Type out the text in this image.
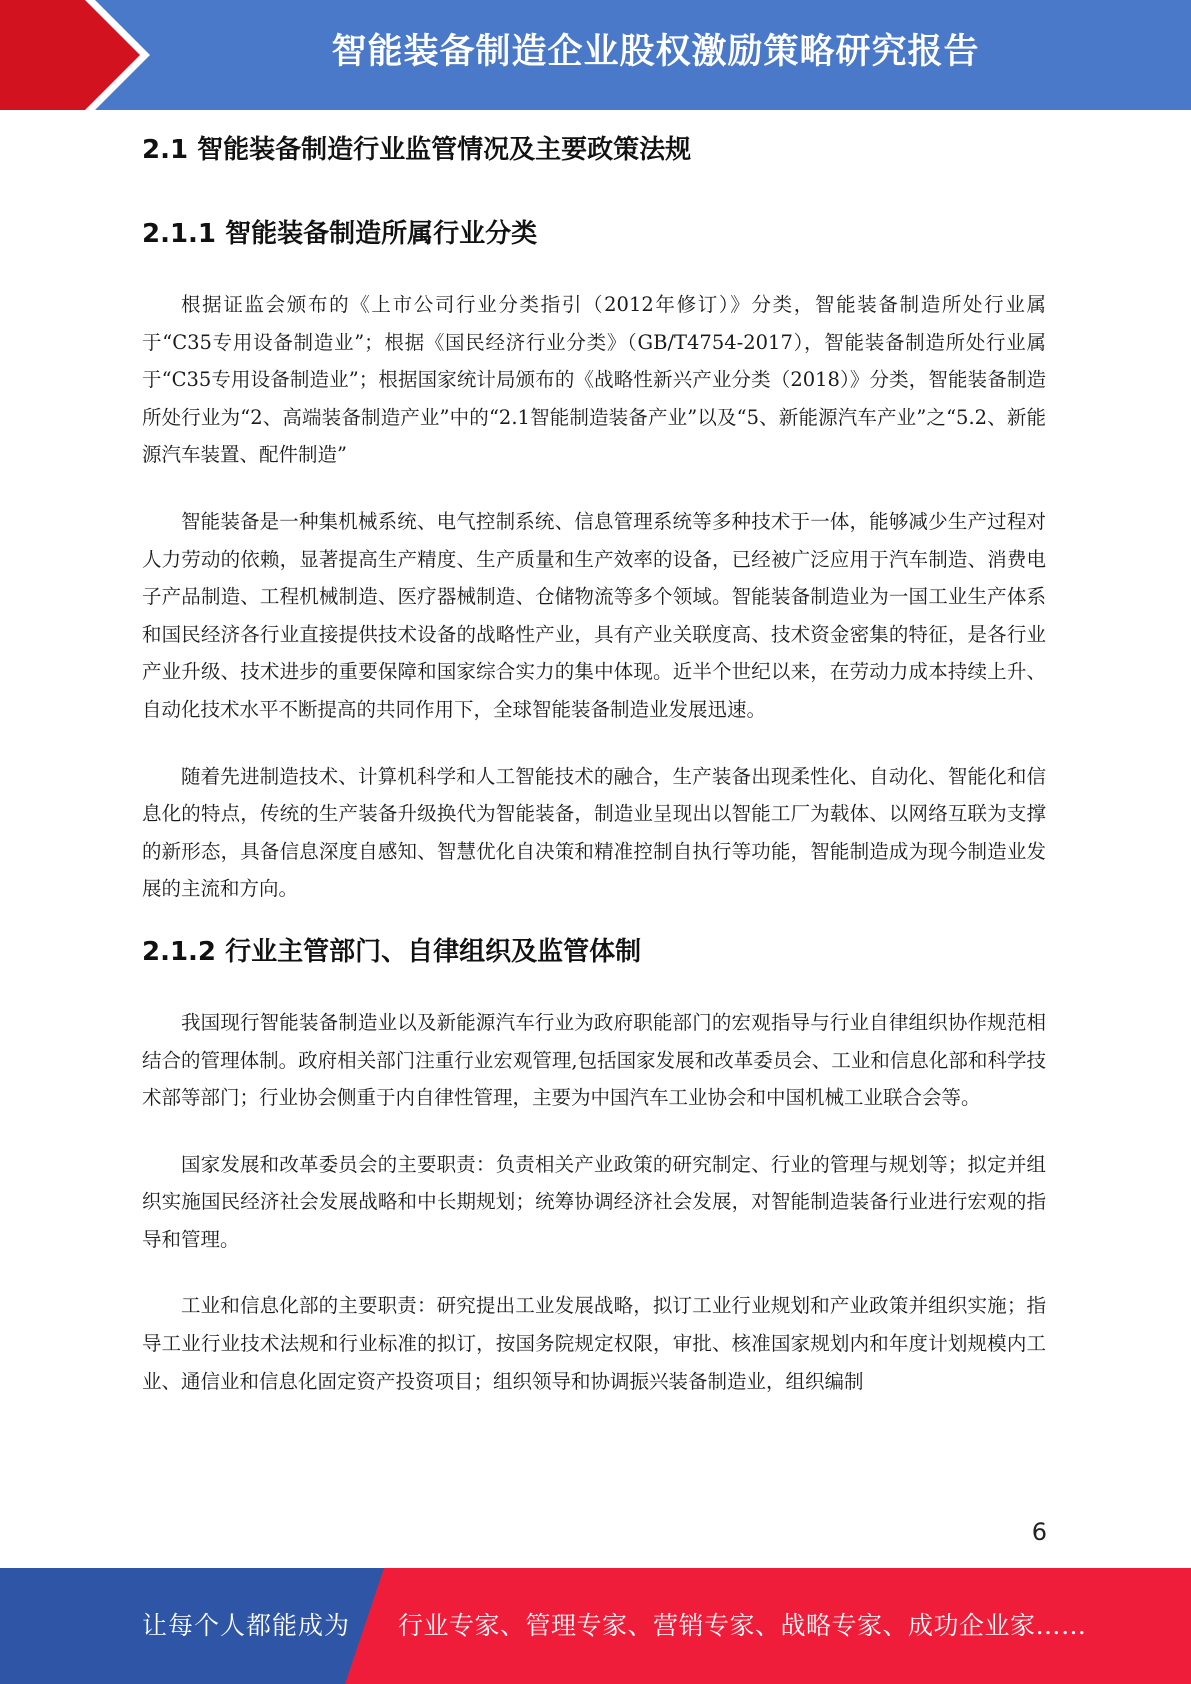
智能装备制造企业股权激励策略研究报告
2.1 智能装备制造行业监管情况及主要政策法规
2.1.1 智能装备制造所属行业分类

根据证监会颁布的《上市公司行业分类指引（2012年修订）》分类，智能装备制造所处行业属于“C35专用设备制造业”；根据《国民经济行业分类》（GB/T4754-2017），智能装备制造所处行业属于“C35专用设备制造业”；根据国家统计局颁布的《战略性新兴产业分类（2018）》分类，智能装备制造所处行业为“2、高端装备制造产业”中的“2.1智能制造装备产业”以及“5、新能源汽车产业”之“5.2、新能源汽车装置、配件制造”

智能装备是一种集机械系统、电气控制系统、信息管理系统等多种技术于一体，能够减少生产过程对人力劳动的依赖，显著提高生产精度、生产质量和生产效率的设备，已经被广泛应用于汽车制造、消费电子产品制造、工程机械制造、医疗器械制造、仓储物流等多个领域。智能装备制造业为一国工业生产体系和国民经济各行业直接提供技术设备的战略性产业，具有产业关联度高、技术资金密集的特征，是各行业产业升级、技术进步的重要保障和国家综合实力的集中体现。近半个世纪以来，在劳动力成本持续上升、自动化技术水平不断提高的共同作用下，全球智能装备制造业发展迅速。

随着先进制造技术、计算机科学和人工智能技术的融合，生产装备出现柔性化、自动化、智能化和信息化的特点，传统的生产装备升级换代为智能装备，制造业呈现出以智能工厂为载体、以网络互联为支撑的新形态，具备信息深度自感知、智慧优化自决策和精准控制自执行等功能，智能制造成为现今制造业发展的主流和方向。

2.1.2 行业主管部门、自律组织及监管体制

我国现行智能装备制造业以及新能源汽车行业为政府职能部门的宏观指导与行业自律组织协作规范相结合的管理体制。政府相关部门注重行业宏观管理,包括国家发展和改革委员会、工业和信息化部和科学技术部等部门；行业协会侧重于内自律性管理，主要为中国汽车工业协会和中国机械工业联合会等。

国家发展和改革委员会的主要职责：负责相关产业政策的研究制定、行业的管理与规划等；拟定并组织实施国民经济社会发展战略和中长期规划；统筹协调经济社会发展，对智能制造装备行业进行宏观的指导和管理。

工业和信息化部的主要职责：研究提出工业发展战略，拟订工业行业规划和产业政策并组织实施；指导工业行业技术法规和行业标准的拟订，按国务院规定权限，审批、核准国家规划内和年度计划规模内工业、通信业和信息化固定资产投资项目；组织领导和协调振兴装备制造业，组织编制

6
让每个人都能成为 行业专家、管理专家、营销专家、战略专家、成功企业家……
